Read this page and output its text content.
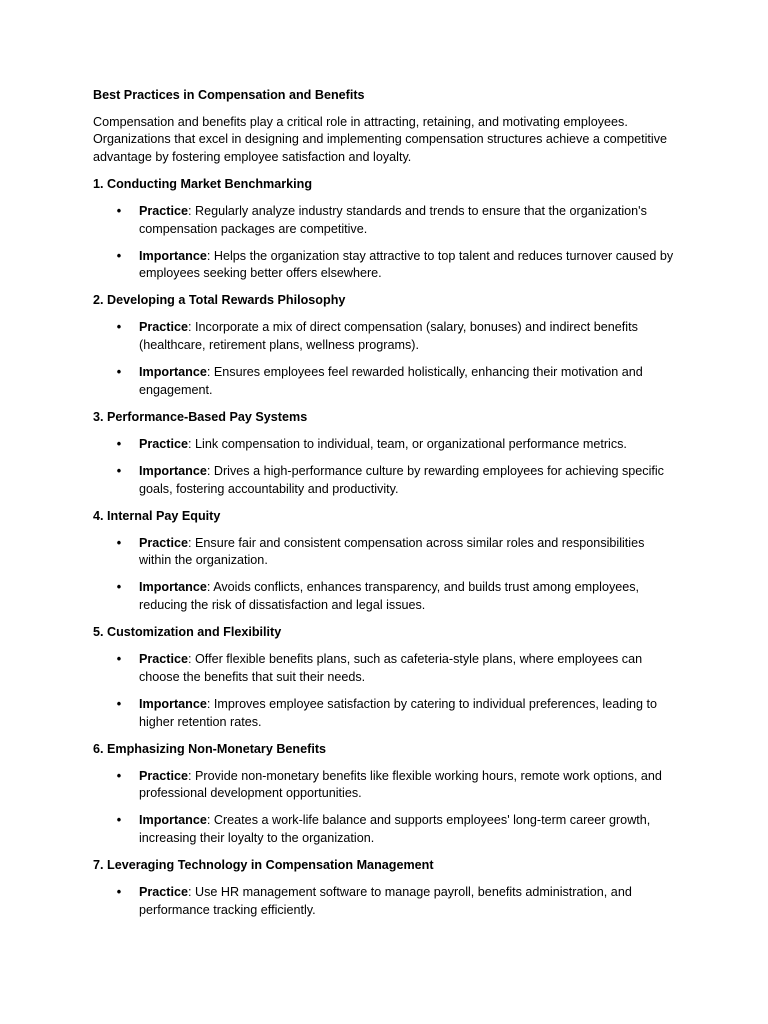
Best Practices in Compensation and Benefits
Compensation and benefits play a critical role in attracting, retaining, and motivating employees. Organizations that excel in designing and implementing compensation structures achieve a competitive advantage by fostering employee satisfaction and loyalty.
1. Conducting Market Benchmarking
• Practice: Regularly analyze industry standards and trends to ensure that the organization's compensation packages are competitive.
• Importance: Helps the organization stay attractive to top talent and reduces turnover caused by employees seeking better offers elsewhere.
2. Developing a Total Rewards Philosophy
• Practice: Incorporate a mix of direct compensation (salary, bonuses) and indirect benefits (healthcare, retirement plans, wellness programs).
• Importance: Ensures employees feel rewarded holistically, enhancing their motivation and engagement.
3. Performance-Based Pay Systems
• Practice: Link compensation to individual, team, or organizational performance metrics.
• Importance: Drives a high-performance culture by rewarding employees for achieving specific goals, fostering accountability and productivity.
4. Internal Pay Equity
• Practice: Ensure fair and consistent compensation across similar roles and responsibilities within the organization.
• Importance: Avoids conflicts, enhances transparency, and builds trust among employees, reducing the risk of dissatisfaction and legal issues.
5. Customization and Flexibility
• Practice: Offer flexible benefits plans, such as cafeteria-style plans, where employees can choose the benefits that suit their needs.
• Importance: Improves employee satisfaction by catering to individual preferences, leading to higher retention rates.
6. Emphasizing Non-Monetary Benefits
• Practice: Provide non-monetary benefits like flexible working hours, remote work options, and professional development opportunities.
• Importance: Creates a work-life balance and supports employees' long-term career growth, increasing their loyalty to the organization.
7. Leveraging Technology in Compensation Management
• Practice: Use HR management software to manage payroll, benefits administration, and performance tracking efficiently.
